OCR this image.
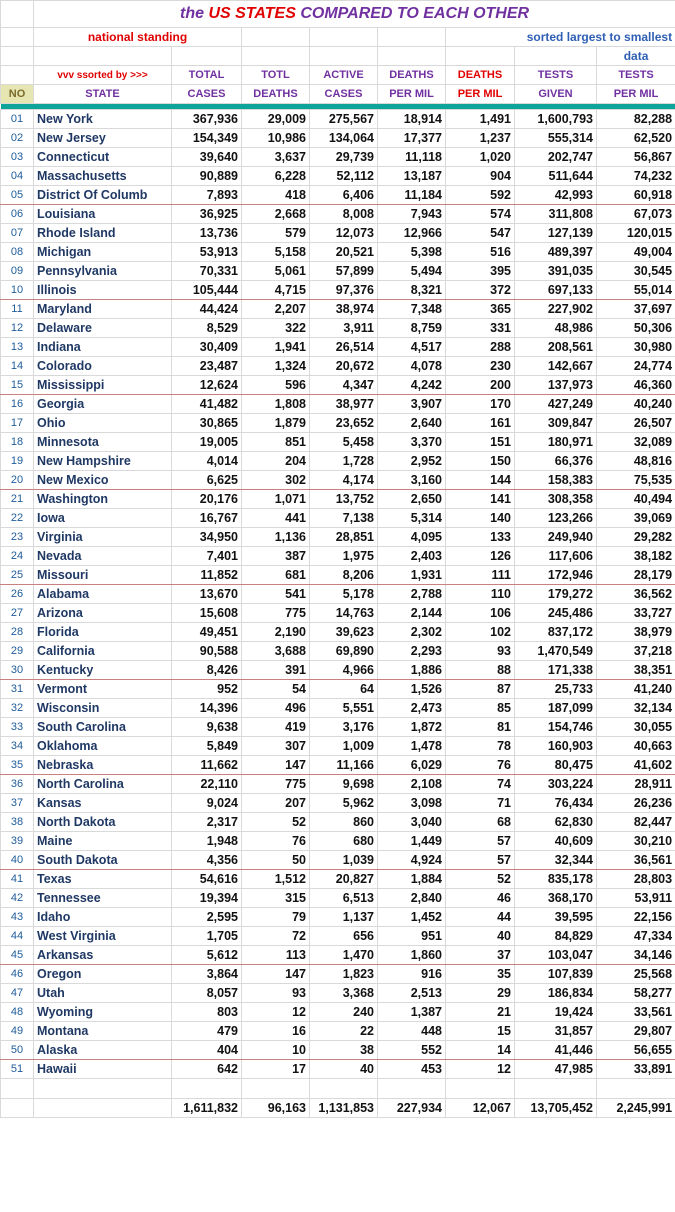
	the US STATES COMPARED TO EACH OTHER							
	national standing					sorted largest to smallest		
								data
	vvv ssorted by >>>	TOTAL	TOTL	ACTIVE	DEATHS	DEATHS	TESTS	TESTS
NO	STATE	CASES	DEATHS	CASES	PER MIL	PER MIL	GIVEN	PER MIL

01	New York	367,936	29,009	275,567	18,914	1,491	1,600,793	82,288
02	New Jersey	154,349	10,986	134,064	17,377	1,237	555,314	62,520
03	Connecticut	39,640	3,637	29,739	11,118	1,020	202,747	56,867
04	Massachusetts	90,889	6,228	52,112	13,187	904	511,644	74,232
05	District Of Columb	7,893	418	6,406	11,184	592	42,993	60,918
06	Louisiana	36,925	2,668	8,008	7,943	574	311,808	67,073
07	Rhode Island	13,736	579	12,073	12,966	547	127,139	120,015
08	Michigan	53,913	5,158	20,521	5,398	516	489,397	49,004
09	Pennsylvania	70,331	5,061	57,899	5,494	395	391,035	30,545
10	Illinois	105,444	4,715	97,376	8,321	372	697,133	55,014
11	Maryland	44,424	2,207	38,974	7,348	365	227,902	37,697
12	Delaware	8,529	322	3,911	8,759	331	48,986	50,306
13	Indiana	30,409	1,941	26,514	4,517	288	208,561	30,980
14	Colorado	23,487	1,324	20,672	4,078	230	142,667	24,774
15	Mississippi	12,624	596	4,347	4,242	200	137,973	46,360
16	Georgia	41,482	1,808	38,977	3,907	170	427,249	40,240
17	Ohio	30,865	1,879	23,652	2,640	161	309,847	26,507
18	Minnesota	19,005	851	5,458	3,370	151	180,971	32,089
19	New Hampshire	4,014	204	1,728	2,952	150	66,376	48,816
20	New Mexico	6,625	302	4,174	3,160	144	158,383	75,535
21	Washington	20,176	1,071	13,752	2,650	141	308,358	40,494
22	Iowa	16,767	441	7,138	5,314	140	123,266	39,069
23	Virginia	34,950	1,136	28,851	4,095	133	249,940	29,282
24	Nevada	7,401	387	1,975	2,403	126	117,606	38,182
25	Missouri	11,852	681	8,206	1,931	111	172,946	28,179
26	Alabama	13,670	541	5,178	2,788	110	179,272	36,562
27	Arizona	15,608	775	14,763	2,144	106	245,486	33,727
28	Florida	49,451	2,190	39,623	2,302	102	837,172	38,979
29	California	90,588	3,688	69,890	2,293	93	1,470,549	37,218
30	Kentucky	8,426	391	4,966	1,886	88	171,338	38,351
31	Vermont	952	54	64	1,526	87	25,733	41,240
32	Wisconsin	14,396	496	5,551	2,473	85	187,099	32,134
33	South Carolina	9,638	419	3,176	1,872	81	154,746	30,055
34	Oklahoma	5,849	307	1,009	1,478	78	160,903	40,663
35	Nebraska	11,662	147	11,166	6,029	76	80,475	41,602
36	North Carolina	22,110	775	9,698	2,108	74	303,224	28,911
37	Kansas	9,024	207	5,962	3,098	71	76,434	26,236
38	North Dakota	2,317	52	860	3,040	68	62,830	82,447
39	Maine	1,948	76	680	1,449	57	40,609	30,210
40	South Dakota	4,356	50	1,039	4,924	57	32,344	36,561
41	Texas	54,616	1,512	20,827	1,884	52	835,178	28,803
42	Tennessee	19,394	315	6,513	2,840	46	368,170	53,911
43	Idaho	2,595	79	1,137	1,452	44	39,595	22,156
44	West Virginia	1,705	72	656	951	40	84,829	47,334
45	Arkansas	5,612	113	1,470	1,860	37	103,047	34,146
46	Oregon	3,864	147	1,823	916	35	107,839	25,568
47	Utah	8,057	93	3,368	2,513	29	186,834	58,277
48	Wyoming	803	12	240	1,387	21	19,424	33,561
49	Montana	479	16	22	448	15	31,857	29,807
50	Alaska	404	10	38	552	14	41,446	56,655
51	Hawaii	642	17	40	453	12	47,985	33,891

		1,611,832	96,163	1,131,853	227,934	12,067	13,705,452	2,245,991
